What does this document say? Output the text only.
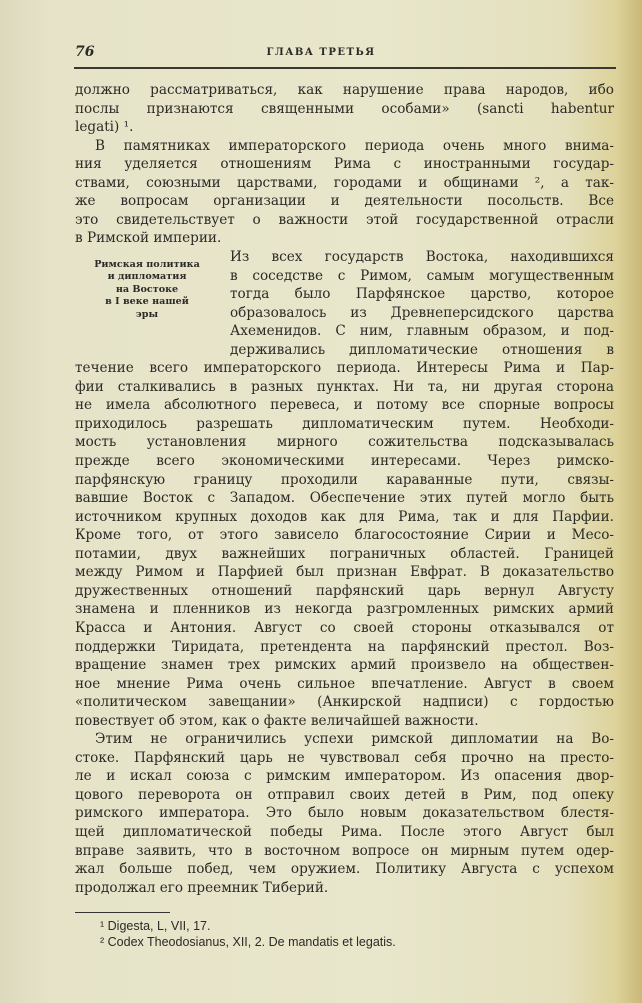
76	ГЛАВА ТРЕТЬЯ
должно рассматриваться, как нарушение права народов, ибо
послы признаются священными особами» (sancti habentur
legati) ¹.
В памятниках императорского периода очень много внима-
ния уделяется отношениям Рима с иностранными государ-
ствами, союзными царствами, городами и общинами ², а так-
же вопросам организации и деятельности посольств. Все
это свидетельствует о важности этой государственной отрасли
в Римской империи.
Из всех государств Востока, находившихся
в соседстве с Римом, самым могущественным
тогда было Парфянское царство, которое
образовалось из Древнеперсидского царства
Ахеменидов. С ним, главным образом, и под-
держивались дипломатические отношения в
течение всего императорского периода. Интересы Рима и Пар-
фии сталкивались в разных пунктах. Ни та, ни другая сторона
не имела абсолютного перевеса, и потому все спорные вопросы
приходилось разрешать дипломатическим путем. Необходи-
мость установления мирного сожительства подсказывалась
прежде всего экономическими интересами. Через римско-
парфянскую границу проходили караванные пути, связы-
вавшие Восток с Западом. Обеспечение этих путей могло быть
источником крупных доходов как для Рима, так и для Парфии.
Кроме того, от этого зависело благосостояние Сирии и Месо-
потамии, двух важнейших пограничных областей. Границей
между Римом и Парфией был признан Евфрат. В доказательство
дружественных отношений парфянский царь вернул Августу
знамена и пленников из некогда разгромленных римских армий
Красса и Антония. Август со своей стороны отказывался от
поддержки Тиридата, претендента на парфянский престол. Воз-
вращение знамен трех римских армий произвело на обществен-
ное мнение Рима очень сильное впечатление. Август в своем
«политическом завещании» (Анкирской надписи) с гордостью
повествует об этом, как о факте величайшей важности.
Этим не ограничились успехи римской дипломатии на Во-
стоке. Парфянский царь не чувствовал себя прочно на престо-
ле и искал союза с римским императором. Из опасения двор-
цового переворота он отправил своих детей в Рим, под опеку
римского императора. Это было новым доказательством блестя-
щей дипломатической победы Рима. После этого Август был
вправе заявить, что в восточном вопросе он мирным путем одер-
жал больше побед, чем оружием. Политику Августа с успехом
продолжал его преемник Тиберий.
Римская политика
и дипломатия
на Востоке
в I веке нашей
эры
¹ Digesta, L, VII, 17.
² Codex Theodosianus, XII, 2. De mandatis et legatis.
